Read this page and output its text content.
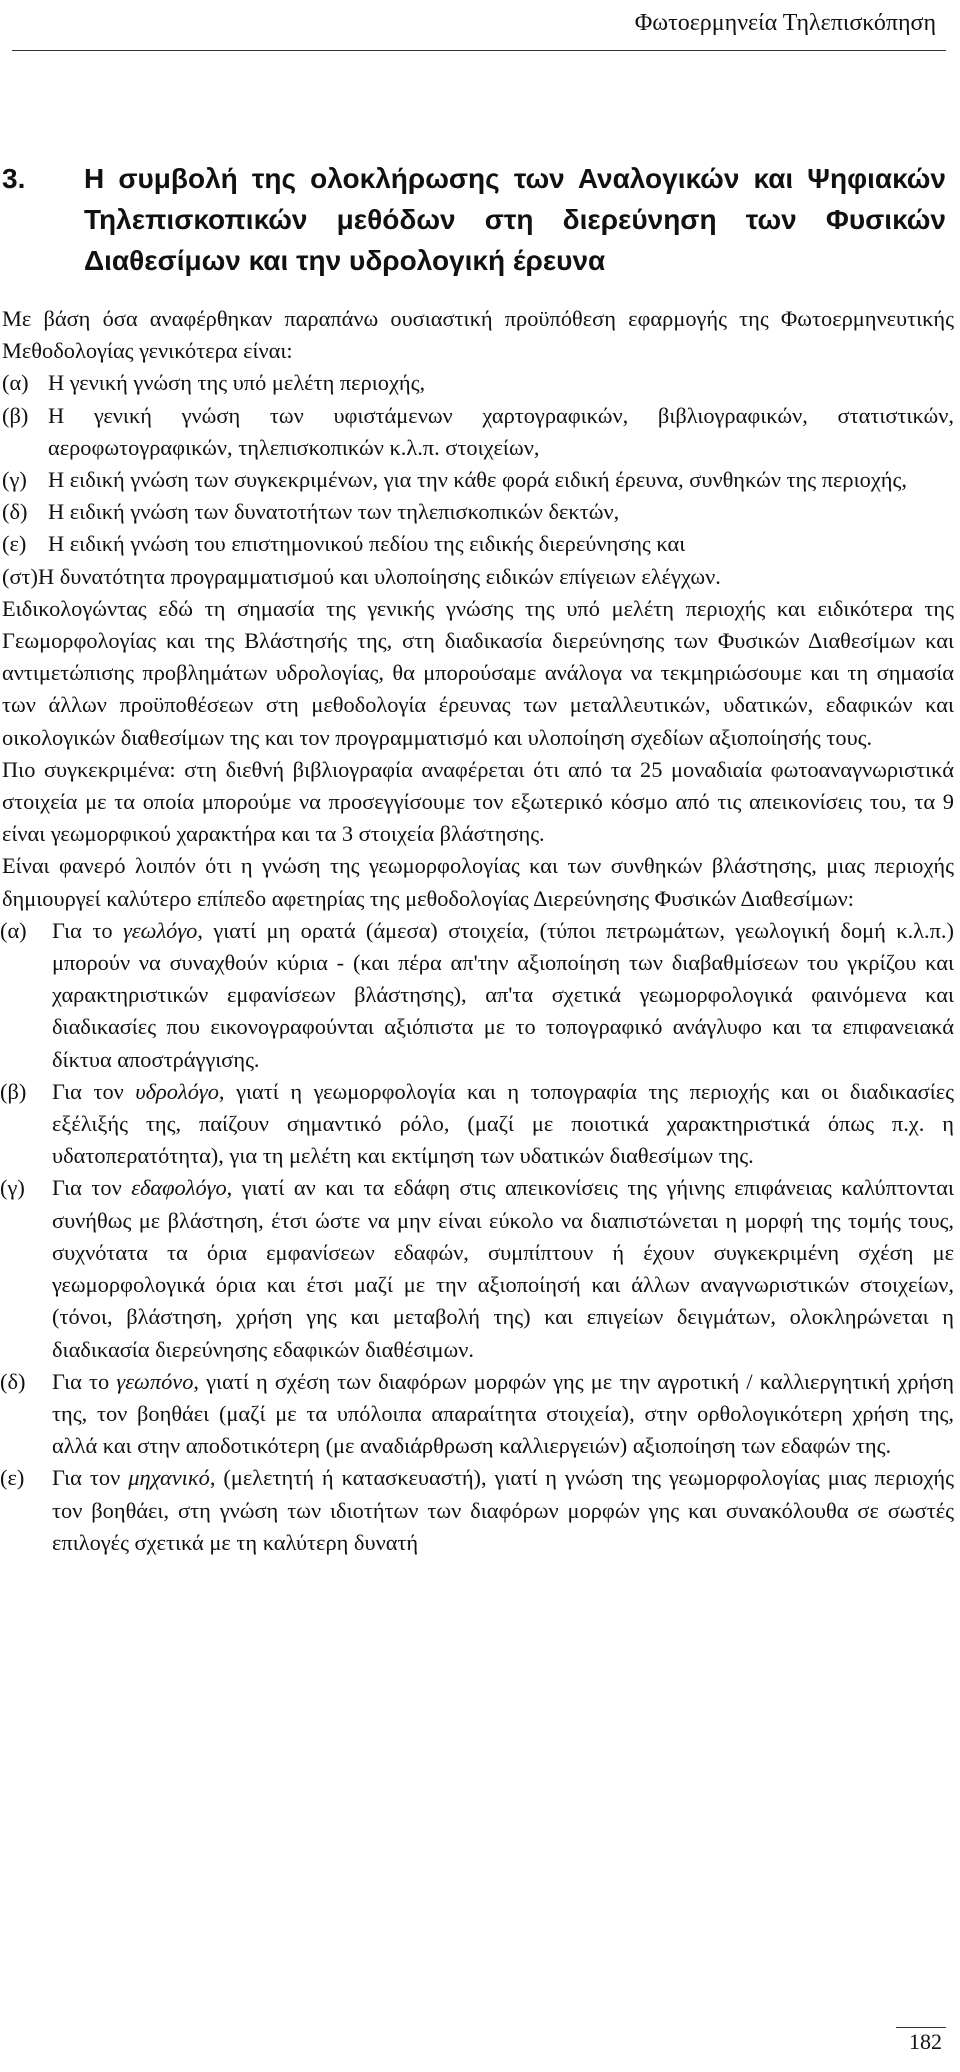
Φωτοερμηνεία Τηλεπισκόπηση
3. Η συμβολή της ολοκλήρωσης των Αναλογικών και Ψηφιακών
Τηλεπισκοπικών μεθόδων στη διερεύνηση των Φυσικών
Διαθεσίμων και την υδρολογική έρευνα

Με βάση όσα αναφέρθηκαν παραπάνω ουσιαστική προϋπόθεση εφαρμογής της Φωτοερμηνευτικής Μεθοδολογίας γενικότερα είναι:

(α) Η γενική γνώση της υπό μελέτη περιοχής,
(β) Η γενική γνώση των υφιστάμενων χαρτογραφικών, βιβλιογραφικών, στατιστικών, αεροφωτογραφικών, τηλεπισκοπικών κ.λ.π. στοιχείων,
(γ) Η ειδική γνώση των συγκεκριμένων, για την κάθε φορά ειδική έρευνα, συνθηκών της περιοχής,
(δ) Η ειδική γνώση των δυνατοτήτων των τηλεπισκοπικών δεκτών,
(ε) Η ειδική γνώση του επιστημονικού πεδίου της ειδικής διερεύνησης και

(στ)Η δυνατότητα προγραμματισμού και υλοποίησης ειδικών επίγειων ελέγχων.

Ειδικολογώντας εδώ τη σημασία της γενικής γνώσης της υπό μελέτη περιοχής και ειδικότερα της Γεωμορφολογίας και της Βλάστησής της, στη διαδικασία διερεύνησης των Φυσικών Διαθεσίμων και αντιμετώπισης προβλημάτων υδρολογίας, θα μπορούσαμε ανάλογα να τεκμηριώσουμε και τη σημασία των άλλων προϋποθέσεων στη μεθοδολογία έρευνας των μεταλλευτικών, υδατικών, εδαφικών και οικολογικών διαθεσίμων της και τον προγραμματισμό και υλοποίηση σχεδίων αξιοποίησής τους.

Πιο συγκεκριμένα: στη διεθνή βιβλιογραφία αναφέρεται ότι από τα 25 μοναδιαία φωτοαναγνωριστικά στοιχεία με τα οποία μπορούμε να προσεγγίσουμε τον εξωτερικό κόσμο από τις απεικονίσεις του, τα 9 είναι γεωμορφικού χαρακτήρα και τα 3 στοιχεία βλάστησης.

Είναι φανερό λοιπόν ότι η γνώση της γεωμορφολογίας και των συνθηκών βλάστησης, μιας περιοχής δημιουργεί καλύτερο επίπεδο αφετηρίας της μεθοδολογίας Διερεύνησης Φυσικών Διαθεσίμων:

(α) Για το γεωλόγο, γιατί μη ορατά (άμεσα) στοιχεία, (τύποι πετρωμάτων, γεωλογική δομή κ.λ.π.) μπορούν να συναχθούν κύρια - (και πέρα απ'την αξιοποίηση των διαβαθμίσεων του γκρίζου και χαρακτηριστικών εμφανίσεων βλάστησης), απ'τα σχετικά γεωμορφολογικά φαινόμενα και διαδικασίες που εικονογραφούνται αξιόπιστα με το τοπογραφικό ανάγλυφο και τα επιφανειακά δίκτυα αποστράγγισης.
(β) Για τον υδρολόγο, γιατί η γεωμορφολογία και η τοπογραφία της περιοχής και οι διαδικασίες εξέλιξής της, παίζουν σημαντικό ρόλο, (μαζί με ποιοτικά χαρακτηριστικά όπως π.χ. η υδατοπερατότητα), για τη μελέτη και εκτίμηση των υδατικών διαθεσίμων της.
(γ) Για τον εδαφολόγο, γιατί αν και τα εδάφη στις απεικονίσεις της γήινης επιφάνειας καλύπτονται συνήθως με βλάστηση, έτσι ώστε να μην είναι εύκολο να διαπιστώνεται η μορφή της τομής τους, συχνότατα τα όρια εμφανίσεων εδαφών, συμπίπτουν ή έχουν συγκεκριμένη σχέση με γεωμορφολογικά όρια και έτσι μαζί με την αξιοποίησή και άλλων αναγνωριστικών στοιχείων, (τόνοι, βλάστηση, χρήση γης και μεταβολή της) και επιγείων δειγμάτων, ολοκληρώνεται η διαδικασία διερεύνησης εδαφικών διαθέσιμων.
(δ) Για το γεωπόνο, γιατί η σχέση των διαφόρων μορφών γης με την αγροτική / καλλιεργητική χρήση της, τον βοηθάει (μαζί με τα υπόλοιπα απαραίτητα στοιχεία), στην ορθολογικότερη χρήση της, αλλά και στην αποδοτικότερη (με αναδιάρθρωση καλλιεργειών) αξιοποίηση των εδαφών της.
(ε) Για τον μηχανικό, (μελετητή ή κατασκευαστή), γιατί η γνώση της γεωμορφολογίας μιας περιοχής τον βοηθάει, στη γνώση των ιδιοτήτων των διαφόρων μορφών γης και συνακόλουθα σε σωστές επιλογές σχετικά με τη καλύτερη δυνατή
182
